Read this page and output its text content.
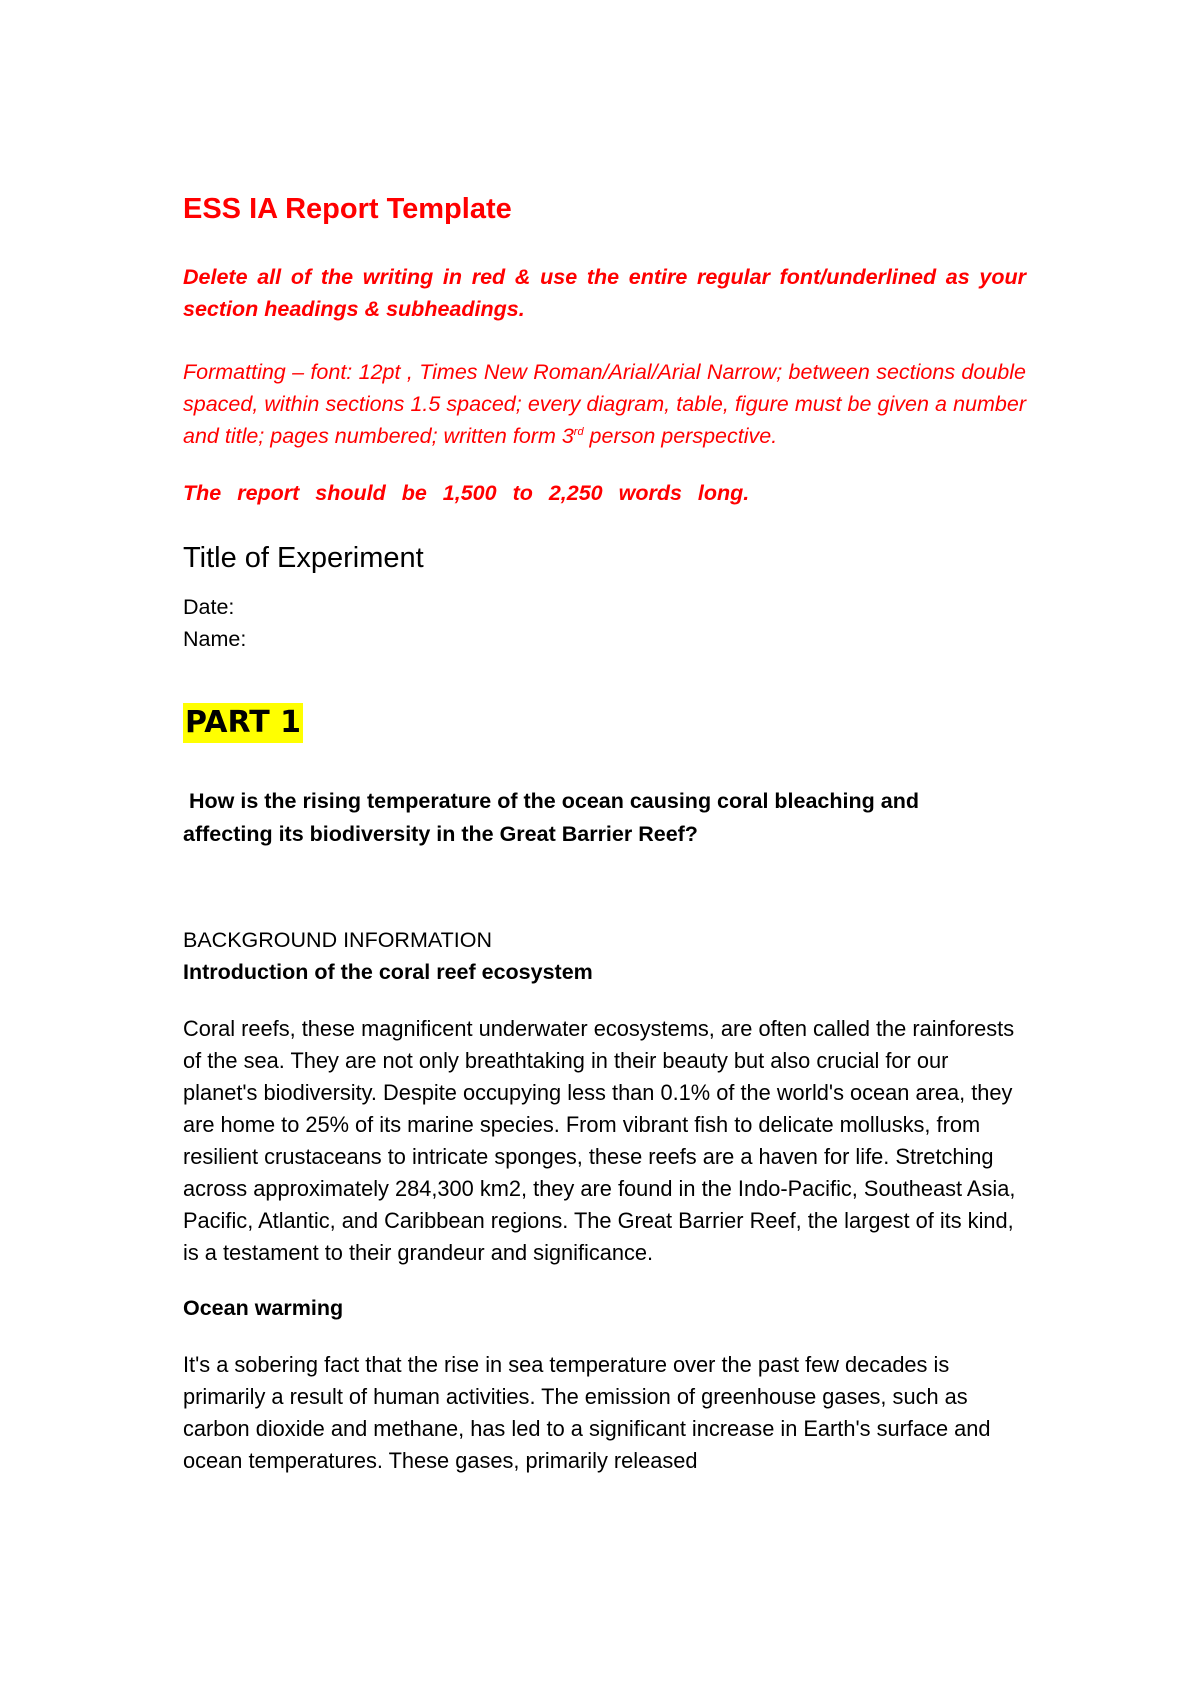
ESS IA Report Template
Delete all of the writing in red & use the entire regular font/underlined as your section headings & subheadings.
Formatting – font: 12pt , Times New Roman/Arial/Arial Narrow; between sections double spaced, within sections 1.5 spaced; every diagram, table, figure must be given a number and title; pages numbered; written form 3rd person perspective.
The report should be 1,500 to 2,250 words long.
Title of Experiment
Date:
Name:
PART 1
How is the rising temperature of the ocean causing coral bleaching and
affecting its biodiversity in the Great Barrier Reef?
BACKGROUND INFORMATION
Introduction of the coral reef ecosystem
Coral reefs, these magnificent underwater ecosystems, are often called the rainforests of the sea. They are not only breathtaking in their beauty but also crucial for our planet's biodiversity. Despite occupying less than 0.1% of the world's ocean area, they are home to 25% of its marine species. From vibrant fish to delicate mollusks, from resilient crustaceans to intricate sponges, these reefs are a haven for life. Stretching across approximately 284,300 km2, they are found in the Indo-Pacific, Southeast Asia, Pacific, Atlantic, and Caribbean regions. The Great Barrier Reef, the largest of its kind, is a testament to their grandeur and significance.
Ocean warming
It's a sobering fact that the rise in sea temperature over the past few decades is primarily a result of human activities. The emission of greenhouse gases, such as carbon dioxide and methane, has led to a significant increase in Earth's surface and ocean temperatures. These gases, primarily released
